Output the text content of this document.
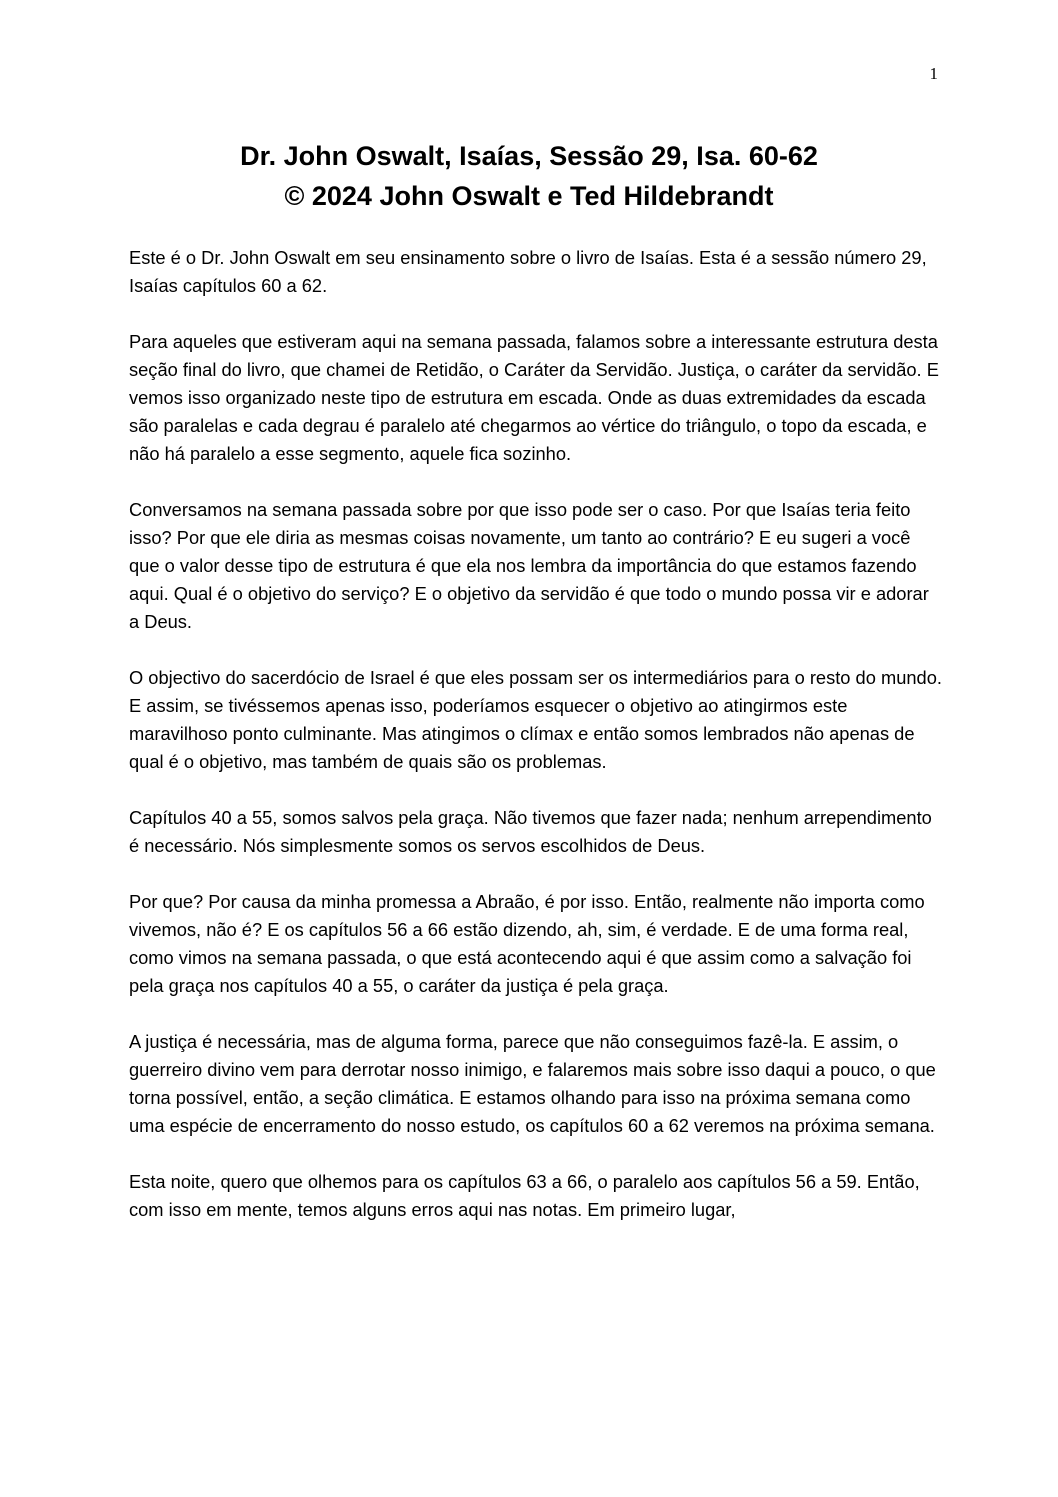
1
Dr. John Oswalt, Isaías, Sessão 29, Isa. 60-62
© 2024 John Oswalt e Ted Hildebrandt

Este é o Dr. John Oswalt em seu ensinamento sobre o livro de Isaías. Esta é a sessão número 29, Isaías capítulos 60 a 62.

Para aqueles que estiveram aqui na semana passada, falamos sobre a interessante estrutura desta seção final do livro, que chamei de Retidão, o Caráter da Servidão. Justiça, o caráter da servidão. E vemos isso organizado neste tipo de estrutura em escada. Onde as duas extremidades da escada são paralelas e cada degrau é paralelo até chegarmos ao vértice do triângulo, o topo da escada, e não há paralelo a esse segmento, aquele fica sozinho.

Conversamos na semana passada sobre por que isso pode ser o caso. Por que Isaías teria feito isso? Por que ele diria as mesmas coisas novamente, um tanto ao contrário? E eu sugeri a você que o valor desse tipo de estrutura é que ela nos lembra da importância do que estamos fazendo aqui. Qual é o objetivo do serviço? E o objetivo da servidão é que todo o mundo possa vir e adorar a Deus.

O objectivo do sacerdócio de Israel é que eles possam ser os intermediários para o resto do mundo. E assim, se tivéssemos apenas isso, poderíamos esquecer o objetivo ao atingirmos este maravilhoso ponto culminante. Mas atingimos o clímax e então somos lembrados não apenas de qual é o objetivo, mas também de quais são os problemas.

Capítulos 40 a 55, somos salvos pela graça. Não tivemos que fazer nada; nenhum arrependimento é necessário. Nós simplesmente somos os servos escolhidos de Deus.

Por que? Por causa da minha promessa a Abraão, é por isso. Então, realmente não importa como vivemos, não é? E os capítulos 56 a 66 estão dizendo, ah, sim, é verdade. E de uma forma real, como vimos na semana passada, o que está acontecendo aqui é que assim como a salvação foi pela graça nos capítulos 40 a 55, o caráter da justiça é pela graça.

A justiça é necessária, mas de alguma forma, parece que não conseguimos fazê-la. E assim, o guerreiro divino vem para derrotar nosso inimigo, e falaremos mais sobre isso daqui a pouco, o que torna possível, então, a seção climática. E estamos olhando para isso na próxima semana como uma espécie de encerramento do nosso estudo, os capítulos 60 a 62 veremos na próxima semana.

Esta noite, quero que olhemos para os capítulos 63 a 66, o paralelo aos capítulos 56 a 59. Então, com isso em mente, temos alguns erros aqui nas notas. Em primeiro lugar,
